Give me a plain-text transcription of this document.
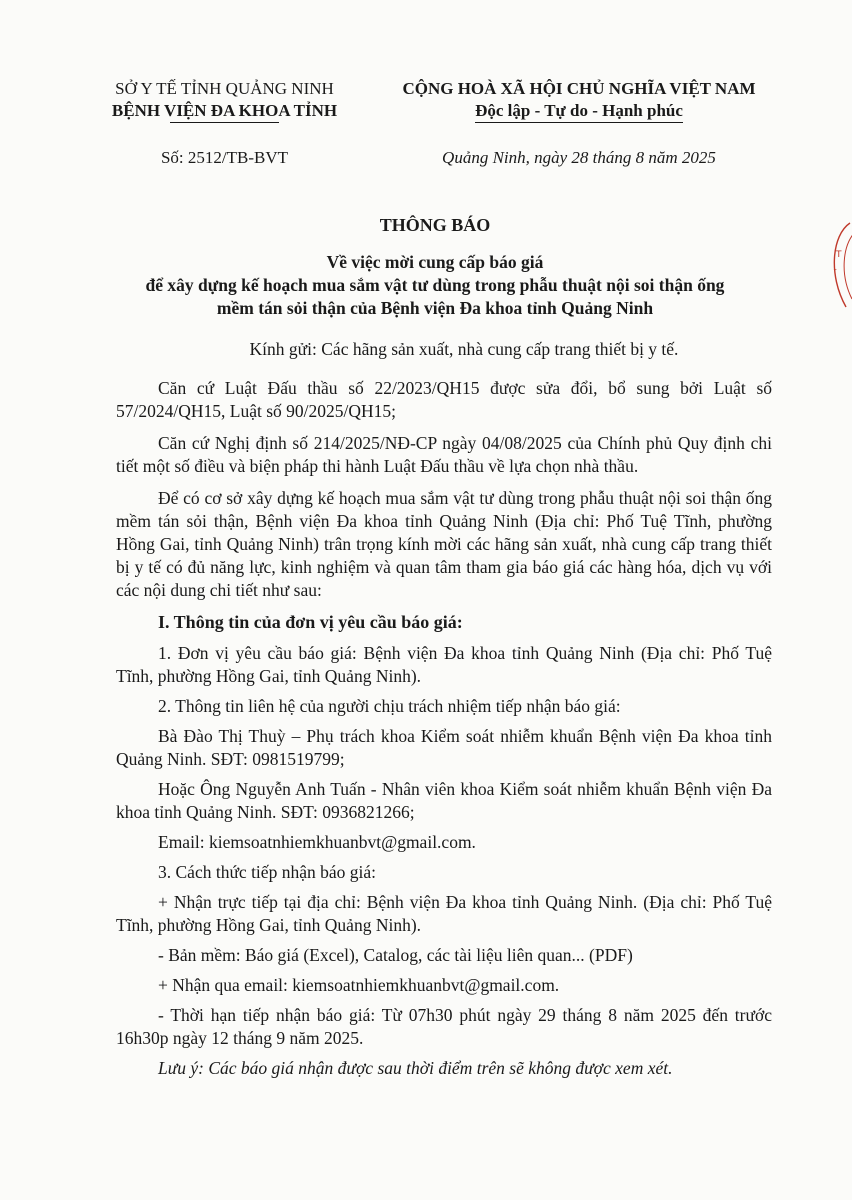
SỞ Y TẾ TỈNH QUẢNG NINH
BỆNH VIỆN ĐA KHOA TỈNH
Số: 2512/TB-BVT
CỘNG HOÀ XÃ HỘI CHỦ NGHĨA VIỆT NAM
Độc lập - Tự do - Hạnh phúc
Quảng Ninh, ngày 28 tháng 8 năm 2025
THÔNG BÁO
Về việc mời cung cấp báo giá
để xây dựng kế hoạch mua sắm vật tư dùng trong phẫu thuật nội soi thận ống
mềm tán sỏi thận của Bệnh viện Đa khoa tỉnh Quảng Ninh

Kính gửi: Các hãng sản xuất, nhà cung cấp trang thiết bị y tế.

Căn cứ Luật Đấu thầu số 22/2023/QH15 được sửa đổi, bổ sung bởi Luật số 57/2024/QH15, Luật số 90/2025/QH15;

Căn cứ Nghị định số 214/2025/NĐ-CP ngày 04/08/2025 của Chính phủ Quy định chi tiết một số điều và biện pháp thi hành Luật Đấu thầu về lựa chọn nhà thầu.

Để có cơ sở xây dựng kế hoạch mua sắm vật tư dùng trong phẫu thuật nội soi thận ống mềm tán sỏi thận, Bệnh viện Đa khoa tỉnh Quảng Ninh (Địa chỉ: Phố Tuệ Tĩnh, phường Hồng Gai, tỉnh Quảng Ninh) trân trọng kính mời các hãng sản xuất, nhà cung cấp trang thiết bị y tế có đủ năng lực, kinh nghiệm và quan tâm tham gia báo giá các hàng hóa, dịch vụ với các nội dung chi tiết như sau:

I. Thông tin của đơn vị yêu cầu báo giá:

1. Đơn vị yêu cầu báo giá: Bệnh viện Đa khoa tỉnh Quảng Ninh (Địa chỉ: Phố Tuệ Tĩnh, phường Hồng Gai, tỉnh Quảng Ninh).

2. Thông tin liên hệ của người chịu trách nhiệm tiếp nhận báo giá:

Bà Đào Thị Thuỳ – Phụ trách khoa Kiểm soát nhiễm khuẩn Bệnh viện Đa khoa tỉnh Quảng Ninh. SĐT: 0981519799;

Hoặc Ông Nguyễn Anh Tuấn - Nhân viên khoa Kiểm soát nhiễm khuẩn Bệnh viện Đa khoa tỉnh Quảng Ninh. SĐT: 0936821266;

Email: kiemsoatnhiemkhuanbvt@gmail.com.

3. Cách thức tiếp nhận báo giá:

+ Nhận trực tiếp tại địa chỉ: Bệnh viện Đa khoa tỉnh Quảng Ninh. (Địa chỉ: Phố Tuệ Tĩnh, phường Hồng Gai, tỉnh Quảng Ninh).

- Bản mềm: Báo giá (Excel), Catalog, các tài liệu liên quan... (PDF)

+ Nhận qua email: kiemsoatnhiemkhuanbvt@gmail.com.

- Thời hạn tiếp nhận báo giá: Từ 07h30 phút ngày 29 tháng 8 năm 2025 đến trước 16h30p ngày 12 tháng 9 năm 2025.

Lưu ý: Các báo giá nhận được sau thời điểm trên sẽ không được xem xét.

T
ĩ
